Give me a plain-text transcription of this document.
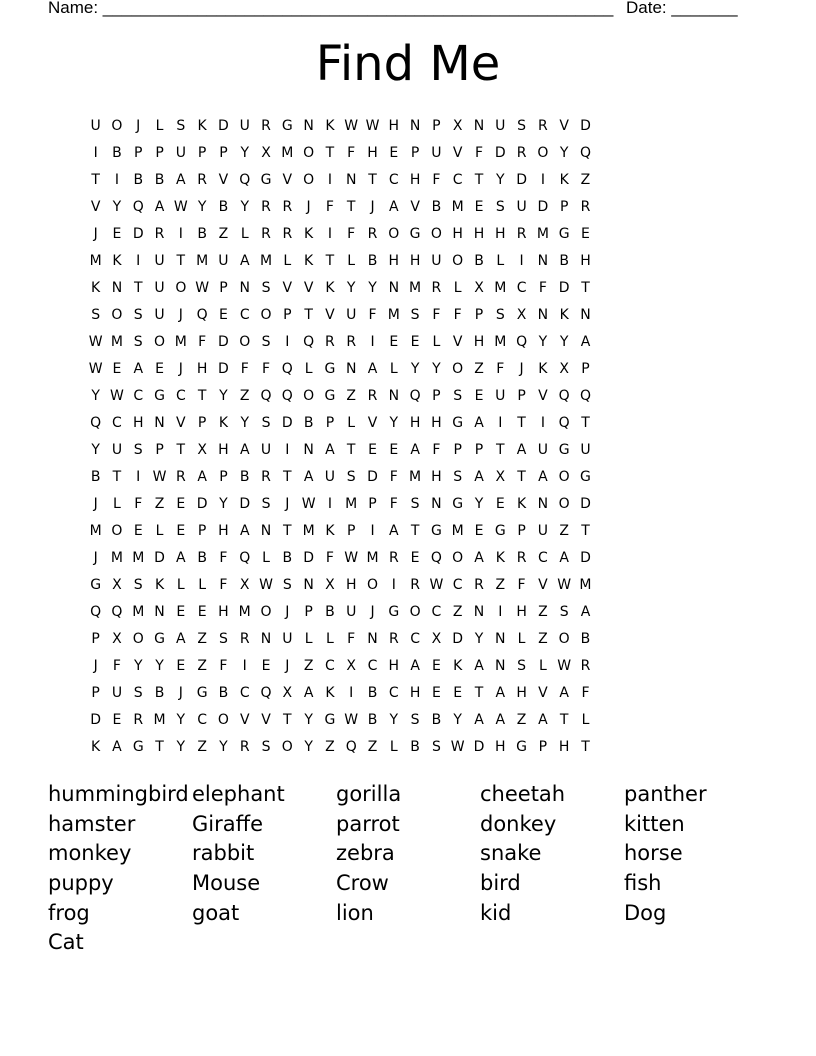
Name: ______________________________________________________ Date: _______
Find Me
U O J	L S K D U R G N K W W H N P X N U S R V D
I	B P P U P P Y X M O T F H E P U V F D R O Y Q
T	I	B B A R V Q G V O I N T C H F C T Y D I	K Z
V Y Q A W Y B Y R R	J	F T	J	A V B M E S U D P R
J	E D R	I	B Z L R R K	I	F R O G O H H H R M G E
M K	I	U T M U A M L K T L B H H U O B L	I N B H
K N T U O W P N S V V K Y Y N M R L X M C F D T
S O S U	J Q E C O P T V U F M S F F P S X N K N
W M S O M F D O S	I Q R R	I	E E L V H M Q Y Y A
W E A E	J H D F F Q L G N A L Y Y O Z F	J	K X P
Y W C G C T Y Z Q Q O G Z R N Q P S E U P V Q Q
Q C H N V P K Y S D B P L V Y H H G A	I	T	I Q T
Y U S P T X H A U	I N A T E E A F P P T A U G U
B T	I W R A P B R T A U S D F M H S A X T A O G
J	L F Z E D Y D S	J W I M P F S N G Y E K N O D
M O E L E P H A N T M K P	I	A T G M E G P U Z T
J M M D A B F Q L B D F W M R E Q O A K R C A D
G X S K L L F X W S N X H O I	R W C R Z F V W M
Q Q M N E E H M O J	P B U	J G O C Z N I H Z S A
P X O G A Z S R N U L L F N R C X D Y N L Z O B
J	F Y Y E Z F	I	E	J	Z C X C H A E K A N S L W R
P U S B	J G B C Q X A K	I	B C H E E T A H V A F
D E R M Y C O V V T Y G W B Y S B Y A A Z A T L
K A G T Y Z Y R S O Y Z Q Z L B S W D H G P H T
hummingbird elephant	gorilla	cheetah	panther
hamster	Giraffe	parrot	donkey	kitten
monkey	rabbit	zebra	snake	horse
puppy	Mouse	Crow	bird	fish
frog	goat	lion	kid	Dog
Cat
